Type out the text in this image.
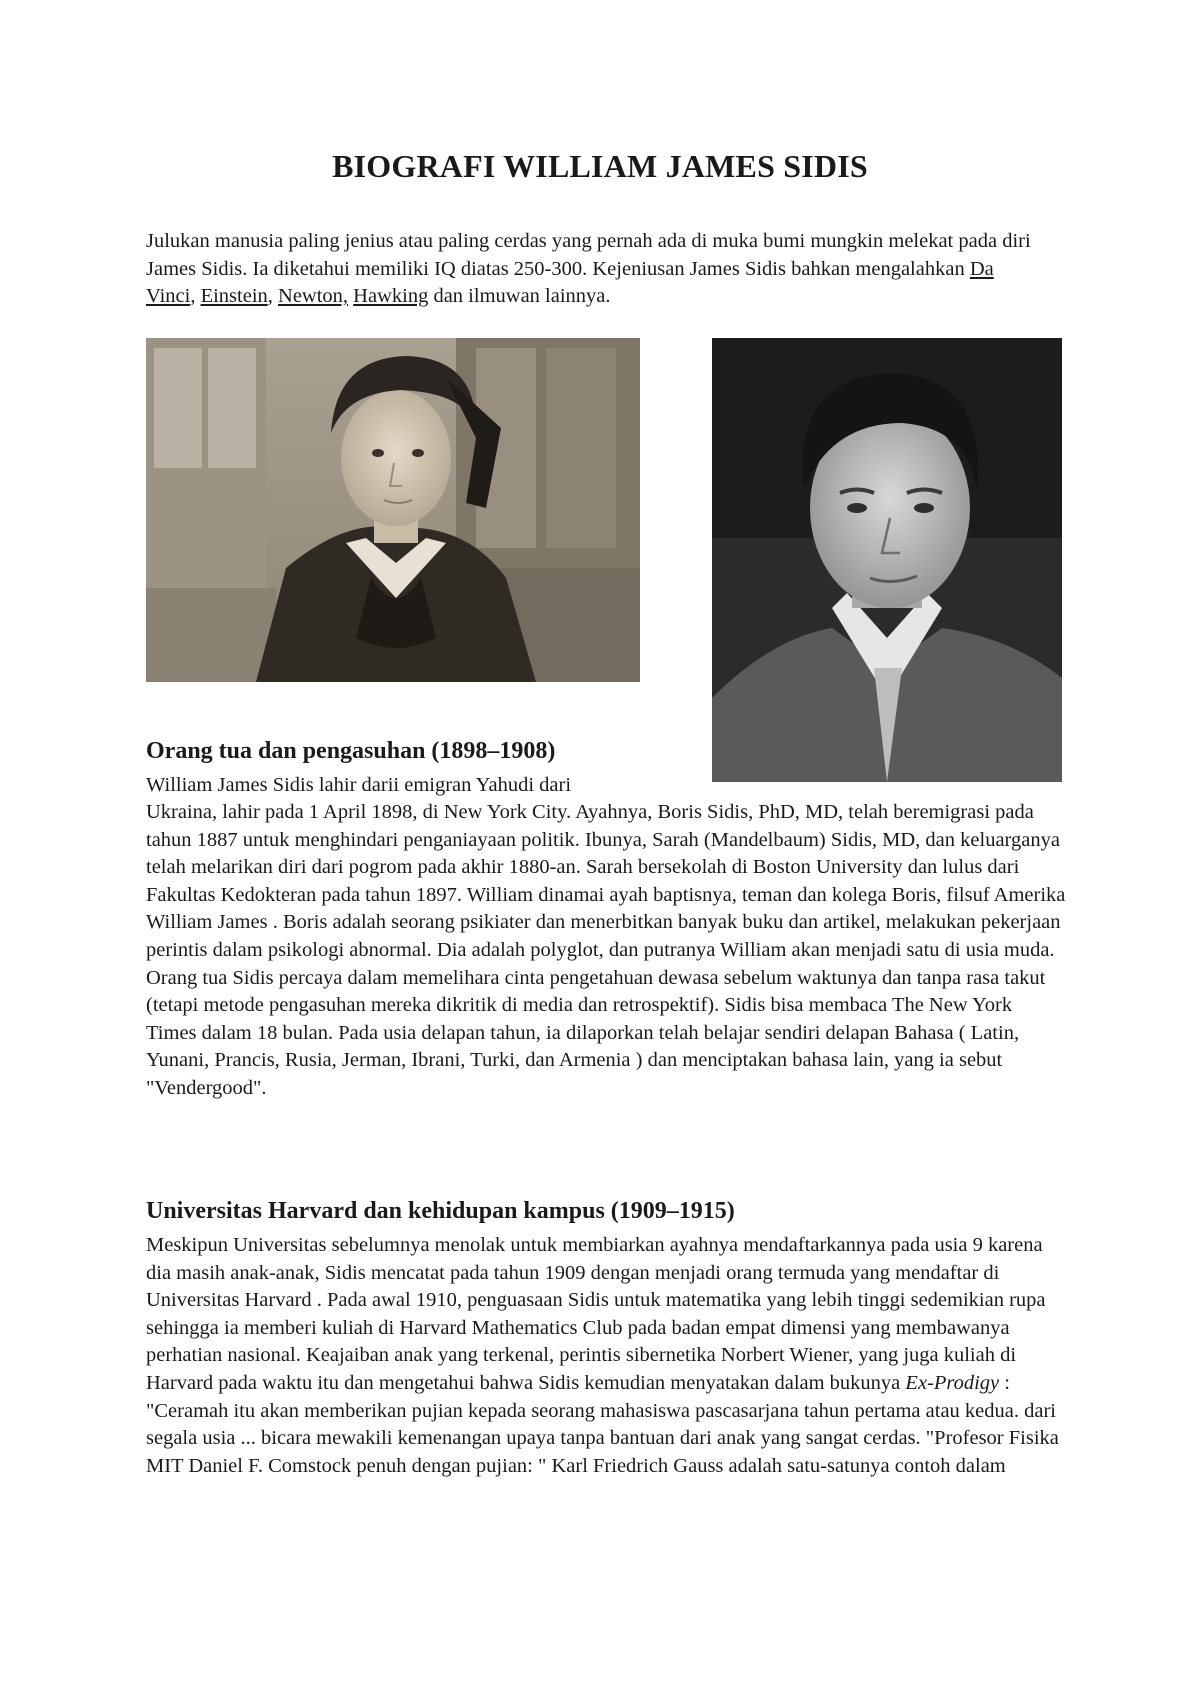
BIOGRAFI WILLIAM JAMES SIDIS

Julukan manusia paling jenius atau paling cerdas yang pernah ada di muka bumi mungkin melekat pada diri James Sidis. Ia diketahui memiliki IQ diatas 250-300. Kejeniusan James Sidis bahkan mengalahkan Da Vinci, Einstein, Newton, Hawking dan ilmuwan lainnya.

Orang tua dan pengasuhan (1898–1908)

William James Sidis lahir darii emigran Yahudi dari

Ukraina, lahir pada 1 April 1898, di New York City. Ayahnya, Boris Sidis, PhD, MD, telah beremigrasi pada tahun 1887 untuk menghindari penganiayaan politik. Ibunya, Sarah (Mandelbaum) Sidis, MD, dan keluarganya telah melarikan diri dari pogrom pada akhir 1880-an. Sarah bersekolah di Boston University dan lulus dari Fakultas Kedokteran pada tahun 1897. William dinamai ayah baptisnya, teman dan kolega Boris, filsuf Amerika William James . Boris adalah seorang psikiater dan menerbitkan banyak buku dan artikel, melakukan pekerjaan perintis dalam psikologi abnormal. Dia adalah polyglot, dan putranya William akan menjadi satu di usia muda. Orang tua Sidis percaya dalam memelihara cinta pengetahuan dewasa sebelum waktunya dan tanpa rasa takut (tetapi metode pengasuhan mereka dikritik di media dan retrospektif). Sidis bisa membaca The New York Times dalam 18 bulan. Pada usia delapan tahun, ia dilaporkan telah belajar sendiri delapan Bahasa ( Latin, Yunani, Prancis, Rusia, Jerman, Ibrani, Turki, dan Armenia ) dan menciptakan bahasa lain, yang ia sebut "Vendergood".

Universitas Harvard dan kehidupan kampus (1909–1915)

Meskipun Universitas sebelumnya menolak untuk membiarkan ayahnya mendaftarkannya pada usia 9 karena dia masih anak-anak, Sidis mencatat pada tahun 1909 dengan menjadi orang termuda yang mendaftar di Universitas Harvard . Pada awal 1910, penguasaan Sidis untuk matematika yang lebih tinggi sedemikian rupa sehingga ia memberi kuliah di Harvard Mathematics Club pada badan empat dimensi yang membawanya perhatian nasional. Keajaiban anak yang terkenal, perintis sibernetika Norbert Wiener, yang juga kuliah di Harvard pada waktu itu dan mengetahui bahwa Sidis kemudian menyatakan dalam bukunya Ex-Prodigy : "Ceramah itu akan memberikan pujian kepada seorang mahasiswa pascasarjana tahun pertama atau kedua. dari segala usia ... bicara mewakili kemenangan upaya tanpa bantuan dari anak yang sangat cerdas. "Profesor Fisika MIT Daniel F. Comstock penuh dengan pujian: " Karl Friedrich Gauss adalah satu-satunya contoh dalam
